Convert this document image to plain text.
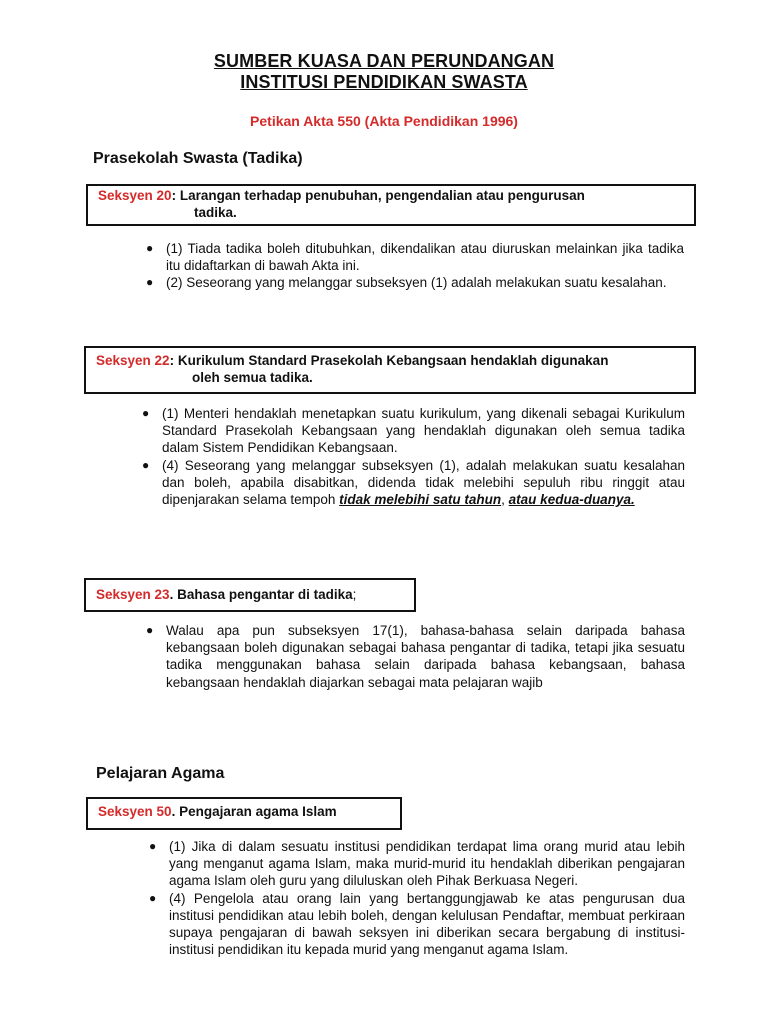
SUMBER KUASA DAN PERUNDANGAN
INSTITUSI PENDIDIKAN SWASTA
Petikan Akta 550 (Akta Pendidikan 1996)
Prasekolah Swasta (Tadika)
Seksyen 20: Larangan terhadap penubuhan, pengendalian atau pengurusan
tadika.
● (1) Tiada tadika boleh ditubuhkan, dikendalikan atau diuruskan melainkan jika tadika itu didaftarkan di bawah Akta ini.
● (2) Seseorang yang melanggar subseksyen (1) adalah melakukan suatu kesalahan.
Seksyen 22: Kurikulum Standard Prasekolah Kebangsaan hendaklah digunakan
oleh semua tadika.
● (1) Menteri hendaklah menetapkan suatu kurikulum, yang dikenali sebagai Kurikulum Standard Prasekolah Kebangsaan yang hendaklah digunakan oleh semua tadika dalam Sistem Pendidikan Kebangsaan.
● (4) Seseorang yang melanggar subseksyen (1), adalah melakukan suatu kesalahan dan boleh, apabila disabitkan, didenda tidak melebihi sepuluh ribu ringgit atau dipenjarakan selama tempoh tidak melebihi satu tahun, atau kedua-duanya.
Seksyen 23. Bahasa pengantar di tadika;
● Walau apa pun subseksyen 17(1), bahasa-bahasa selain daripada bahasa kebangsaan boleh digunakan sebagai bahasa pengantar di tadika, tetapi jika sesuatu tadika menggunakan bahasa selain daripada bahasa kebangsaan, bahasa kebangsaan hendaklah diajarkan sebagai mata pelajaran wajib
Pelajaran Agama
Seksyen 50. Pengajaran agama Islam
● (1) Jika di dalam sesuatu institusi pendidikan terdapat lima orang murid atau lebih yang menganut agama Islam, maka murid-murid itu hendaklah diberikan pengajaran agama Islam oleh guru yang diluluskan oleh Pihak Berkuasa Negeri.
● (4) Pengelola atau orang lain yang bertanggungjawab ke atas pengurusan dua institusi pendidikan atau lebih boleh, dengan kelulusan Pendaftar, membuat perkiraan supaya pengajaran di bawah seksyen ini diberikan secara bergabung di institusi-institusi pendidikan itu kepada murid yang menganut agama Islam.
